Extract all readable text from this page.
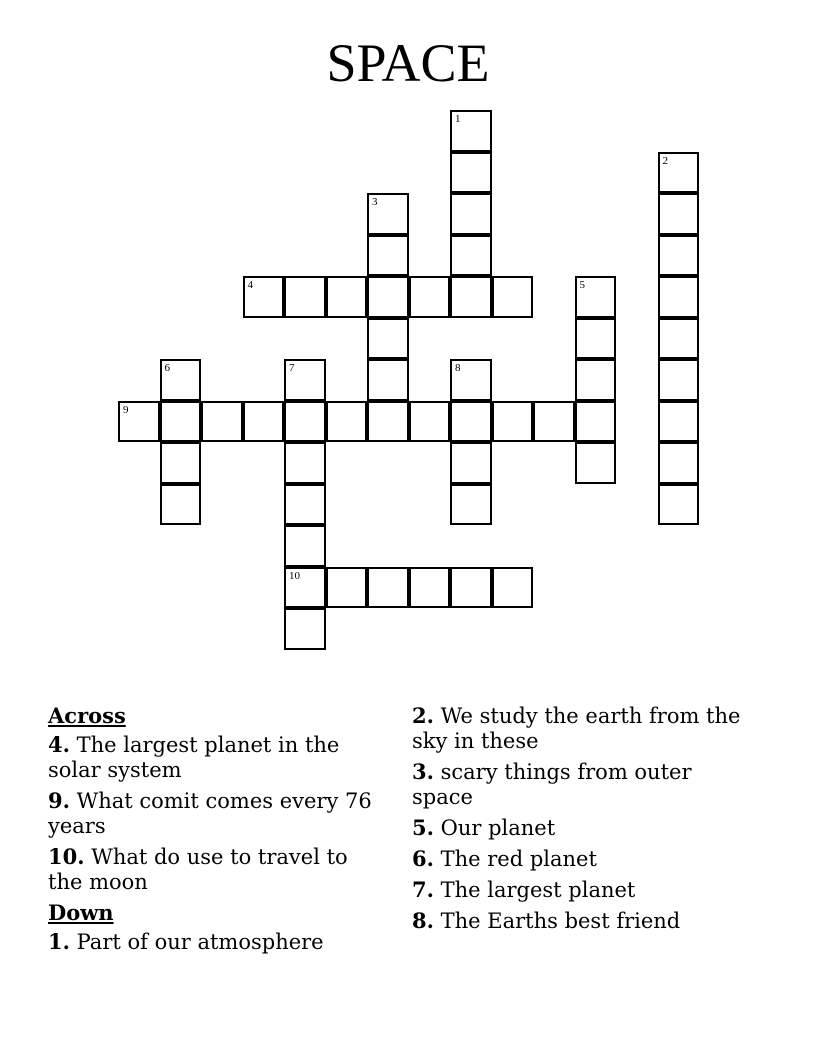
SPACE
1
2
3
4	5
6	7
10
8
9
Across
4. The largest planet in the solar system
9. What comit comes every 76 years
10. What do use to travel to the moon
Down
1. Part of our atmosphere
2. We study the earth from the sky in these
3. scary things from outer space
5. Our planet
6. The red planet
7. The largest planet
8. The Earths best friend
